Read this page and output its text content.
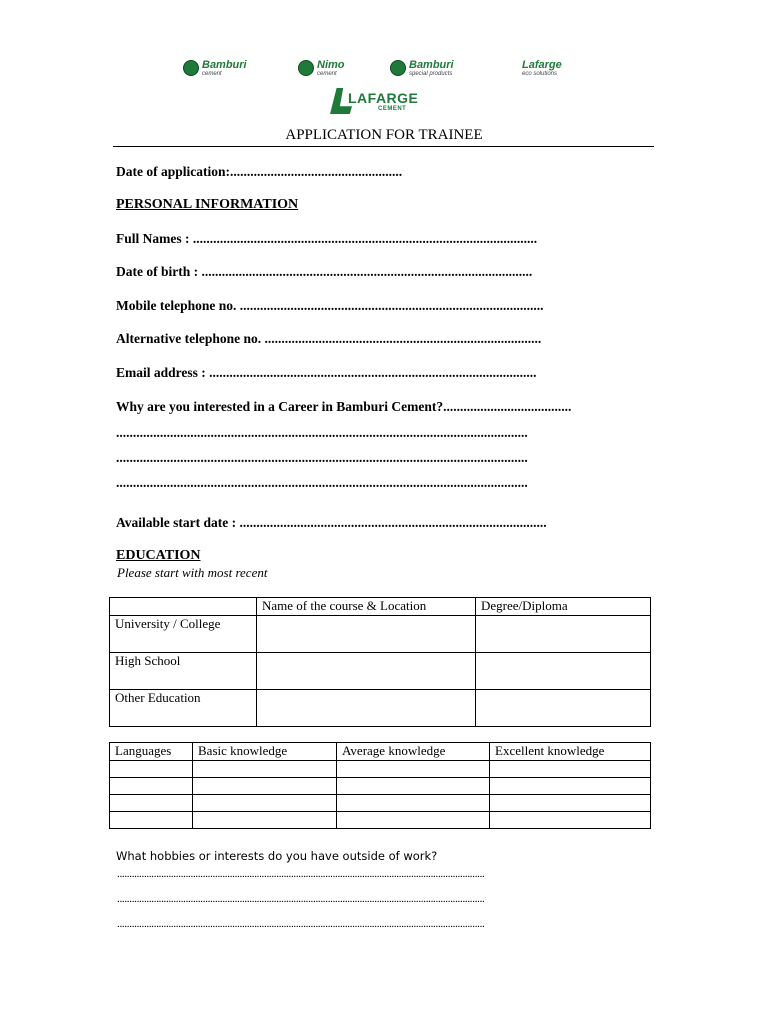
Bamburi
cement
Nimo
cement
Bamburi
special products
Lafarge
eco solutions
LAFARGE
CEMENT
APPLICATION FOR TRAINEE
Date of application:...................................................
PERSONAL INFORMATION
Full Names : ......................................................................................................
Date of birth : ..................................................................................................
Mobile telephone no. ..........................................................................................
Alternative telephone no. ..................................................................................
Email address : .................................................................................................
Why are you interested in a Career in Bamburi Cement?......................................
..........................................................................................................................
..........................................................................................................................
..........................................................................................................................
Available start date : ...........................................................................................
EDUCATION
Please start with most recent
	Name of the course & Location	Degree/Diploma
University / College		
High School		
Other Education		
Languages	Basic knowledge	Average knowledge	Excellent knowledge

What hobbies or interests do you have outside of work?
......................................................................................................................................................
......................................................................................................................................................
......................................................................................................................................................
